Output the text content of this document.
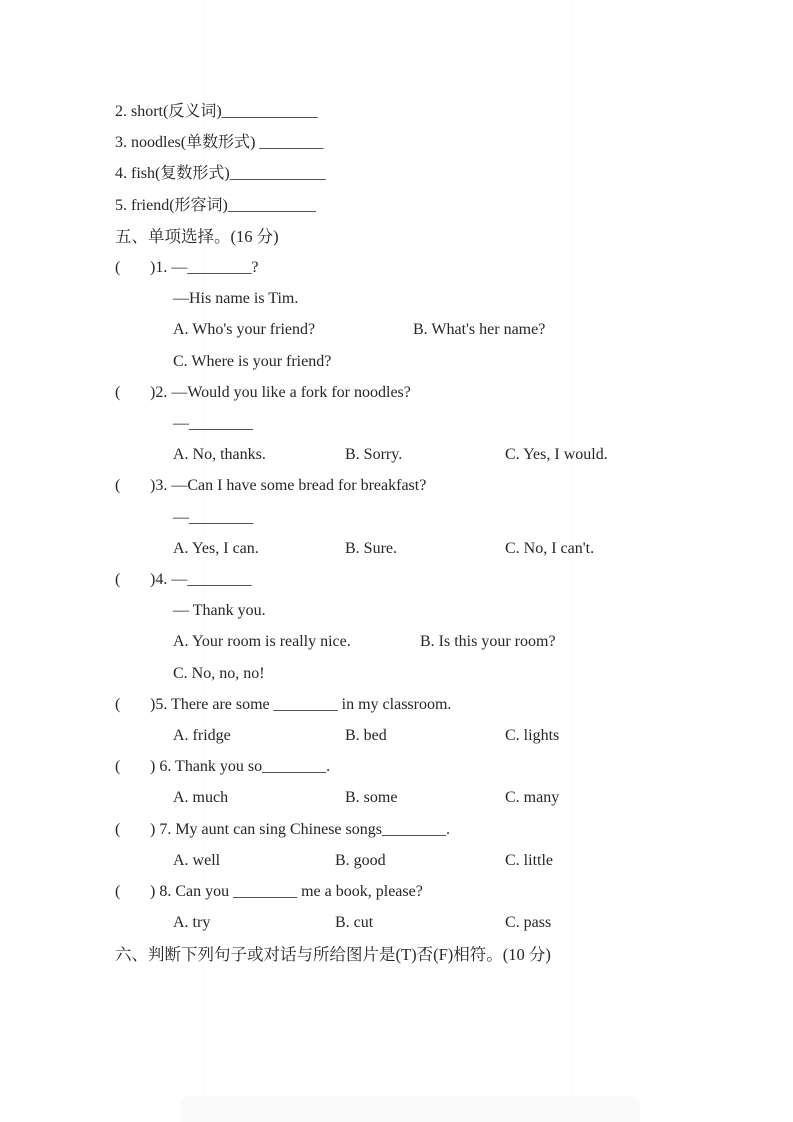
2. short(反义词)____________
3. noodles(单数形式) ________
4. fish(复数形式)____________
5. friend(形容词)___________
五、单项选择。(16 分)
( )1. —________?
—His name is Tim.
A. Who's your friend?	B. What's her name?
C. Where is your friend?
( )2. —Would you like a fork for noodles?
—________
A. No, thanks.	B. Sorry.	C. Yes, I would.
( )3. —Can I have some bread for breakfast?
—________
A. Yes, I can.	B. Sure.	C. No, I can't.
( )4. —________
— Thank you.
A. Your room is really nice.	B. Is this your room?
C. No, no, no!
( )5. There are some ________ in my classroom.
A. fridge	B. bed	C. lights
( ) 6. Thank you so________.
A. much	B. some	C. many
( ) 7. My aunt can sing Chinese songs________.
A. well	B. good	C. little
( ) 8. Can you ________ me a book, please?
A. try	B. cut	C. pass
六、判断下列句子或对话与所给图片是(T)否(F)相符。(10 分)
